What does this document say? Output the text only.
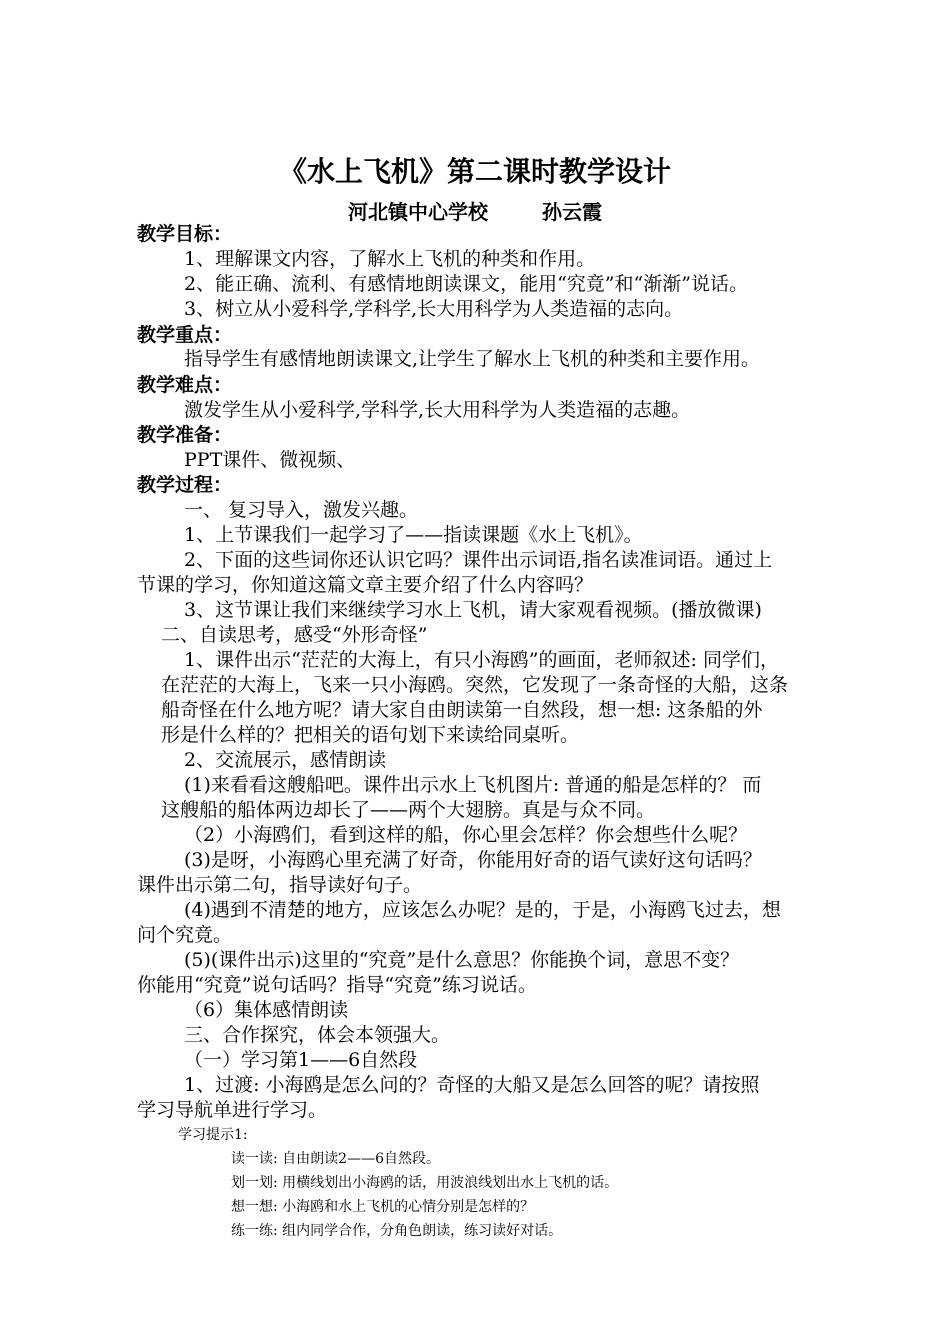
《水上飞机》第二课时教学设计
河北镇中心学校	孙云霞
教学目标：
1、理解课文内容，了解水上飞机的种类和作用。
2、能正确、流利、有感情地朗读课文，能用“究竟”和“渐渐”说话。
3、树立从小爱科学,学科学,长大用科学为人类造福的志向。
教学重点：
指导学生有感情地朗读课文,让学生了解水上飞机的种类和主要作用。
教学难点：
激发学生从小爱科学,学科学,长大用科学为人类造福的志趣。
教学准备：
PPT课件、微视频、
教学过程：
一、 复习导入，激发兴趣。
1、上节课我们一起学习了——指读课题《水上飞机》。
2、下面的这些词你还认识它吗？课件出示词语,指名读准词语。通过上
节课的学习，你知道这篇文章主要介绍了什么内容吗？
3、这节课让我们来继续学习水上飞机，请大家观看视频。(播放微课)
二、自读思考，感受“外形奇怪”
1、课件出示“茫茫的大海上，有只小海鸥”的画面，老师叙述: 同学们，
在茫茫的大海上，飞来一只小海鸥。突然，它发现了一条奇怪的大船，这条
船奇怪在什么地方呢？请大家自由朗读第一自然段，想一想: 这条船的外
形是什么样的？把相关的语句划下来读给同桌听。
2、交流展示，感情朗读
(1)来看看这艘船吧。课件出示水上飞机图片: 普通的船是怎样的？ 而
这艘船的船体两边却长了——两个大翅膀。真是与众不同。
（2）小海鸥们，看到这样的船，你心里会怎样？你会想些什么呢？
(3)是呀，小海鸥心里充满了好奇，你能用好奇的语气读好这句话吗？
课件出示第二句，指导读好句子。
(4)遇到不清楚的地方，应该怎么办呢？是的，于是，小海鸥飞过去，想
问个究竟。
(5)(课件出示)这里的“究竟”是什么意思？你能换个词，意思不变？
你能用“究竟”说句话吗？指导“究竟”练习说话。
（6）集体感情朗读
三、合作探究，体会本领强大。
（一）学习第1——6自然段
1、过渡: 小海鸥是怎么问的？奇怪的大船又是怎么回答的呢？请按照
学习导航单进行学习。
学习提示1:
读一读: 自由朗读2——6自然段。
划一划: 用横线划出小海鸥的话，用波浪线划出水上飞机的话。
想一想: 小海鸥和水上飞机的心情分别是怎样的？
练一练: 组内同学合作，分角色朗读，练习读好对话。
